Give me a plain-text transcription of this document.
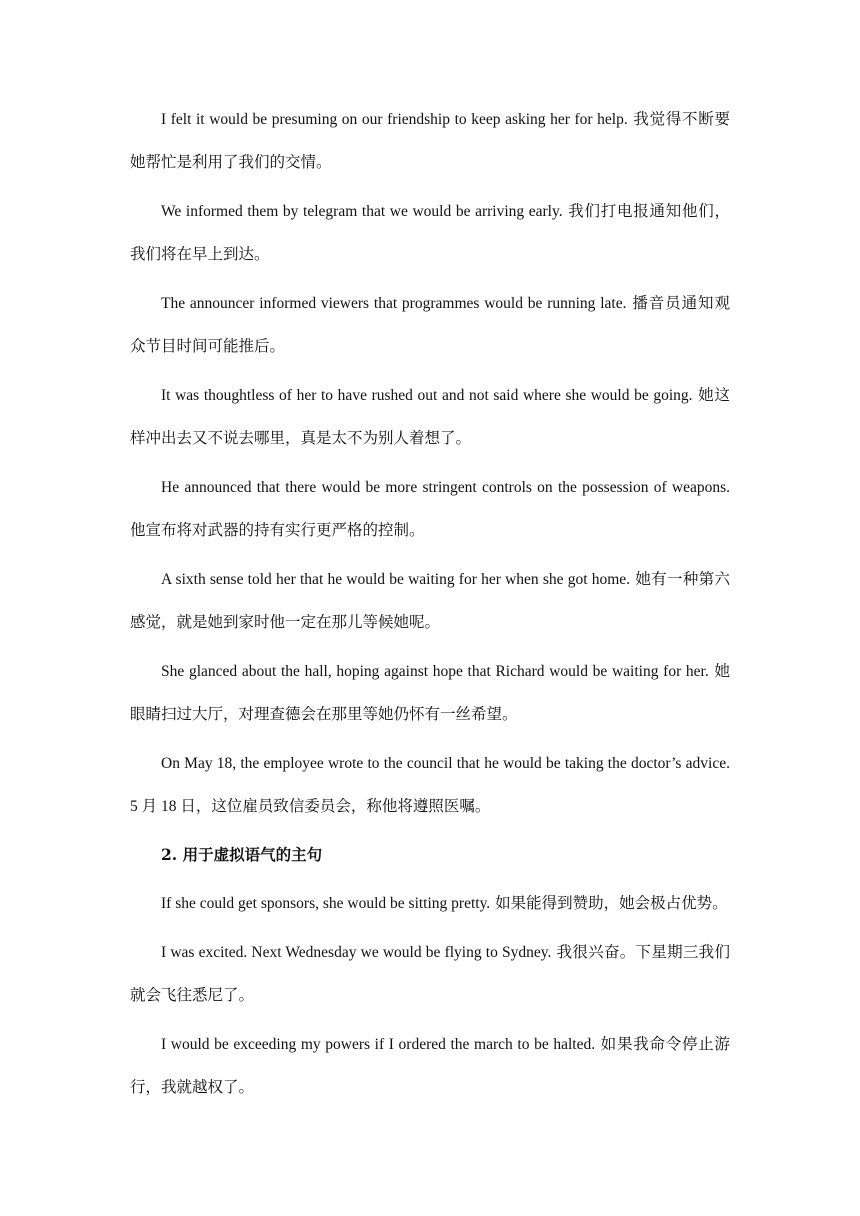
I felt it would be presuming on our friendship to keep asking her for help. 我觉得不断要她帮忙是利用了我们的交情。

We informed them by telegram that we would be arriving early. 我们打电报通知他们，我们将在早上到达。

The announcer informed viewers that programmes would be running late. 播音员通知观众节目时间可能推后。

It was thoughtless of her to have rushed out and not said where she would be going. 她这样冲出去又不说去哪里，真是太不为别人着想了。

He announced that there would be more stringent controls on the possession of weapons. 他宣布将对武器的持有实行更严格的控制。

A sixth sense told her that he would be waiting for her when she got home. 她有一种第六感觉，就是她到家时他一定在那儿等候她呢。

She glanced about the hall, hoping against hope that Richard would be waiting for her. 她眼睛扫过大厅，对理查德会在那里等她仍怀有一丝希望。

On May 18, the employee wrote to the council that he would be taking the doctor’s advice. 5 月 18 日，这位雇员致信委员会，称他将遵照医嘱。

2. 用于虚拟语气的主句

If she could get sponsors, she would be sitting pretty. 如果能得到赞助，她会极占优势。

I was excited. Next Wednesday we would be flying to Sydney. 我很兴奋。下星期三我们就会飞往悉尼了。

I would be exceeding my powers if I ordered the march to be halted. 如果我命令停止游行，我就越权了。
